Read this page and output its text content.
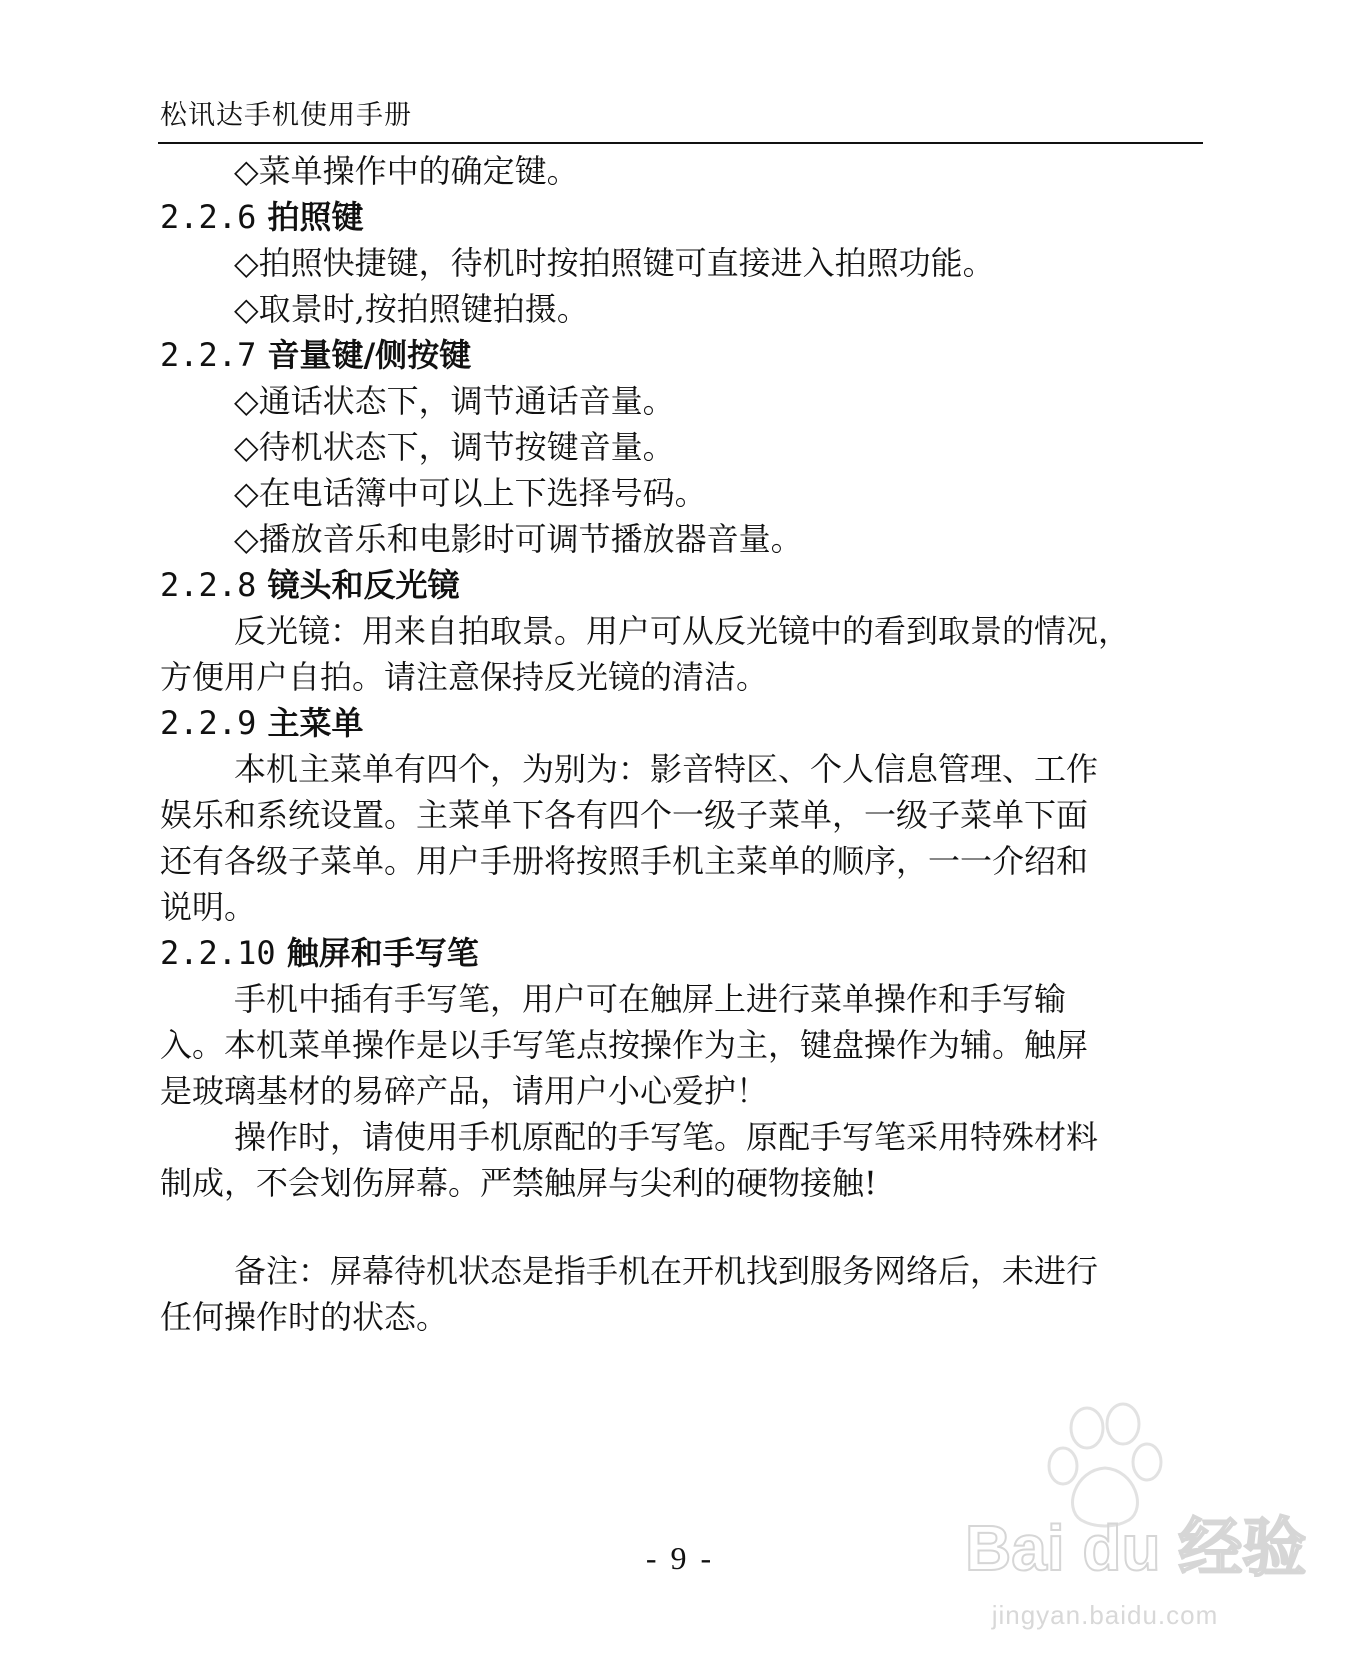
松讯达手机使用手册
◇菜单操作中的确定键。
2.2.6 拍照键
◇拍照快捷键，待机时按拍照键可直接进入拍照功能。
◇取景时,按拍照键拍摄。
2.2.7 音量键/侧按键
◇通话状态下，调节通话音量。
◇待机状态下，调节按键音量。
◇在电话簿中可以上下选择号码。
◇播放音乐和电影时可调节播放器音量。
2.2.8 镜头和反光镜
反光镜：用来自拍取景。用户可从反光镜中的看到取景的情况，
方便用户自拍。请注意保持反光镜的清洁。
2.2.9 主菜单
本机主菜单有四个，为别为：影音特区、个人信息管理、工作
娱乐和系统设置。主菜单下各有四个一级子菜单，一级子菜单下面
还有各级子菜单。用户手册将按照手机主菜单的顺序，一一介绍和
说明。
2.2.10 触屏和手写笔
手机中插有手写笔，用户可在触屏上进行菜单操作和手写输
入。本机菜单操作是以手写笔点按操作为主，键盘操作为辅。触屏
是玻璃基材的易碎产品，请用户小心爱护！
操作时，请使用手机原配的手写笔。原配手写笔采用特殊材料
制成，不会划伤屏幕。严禁触屏与尖利的硬物接触!
备注：屏幕待机状态是指手机在开机找到服务网络后，未进行
任何操作时的状态。
Bai du 经验
jingyan.baidu.com
- 9 -
